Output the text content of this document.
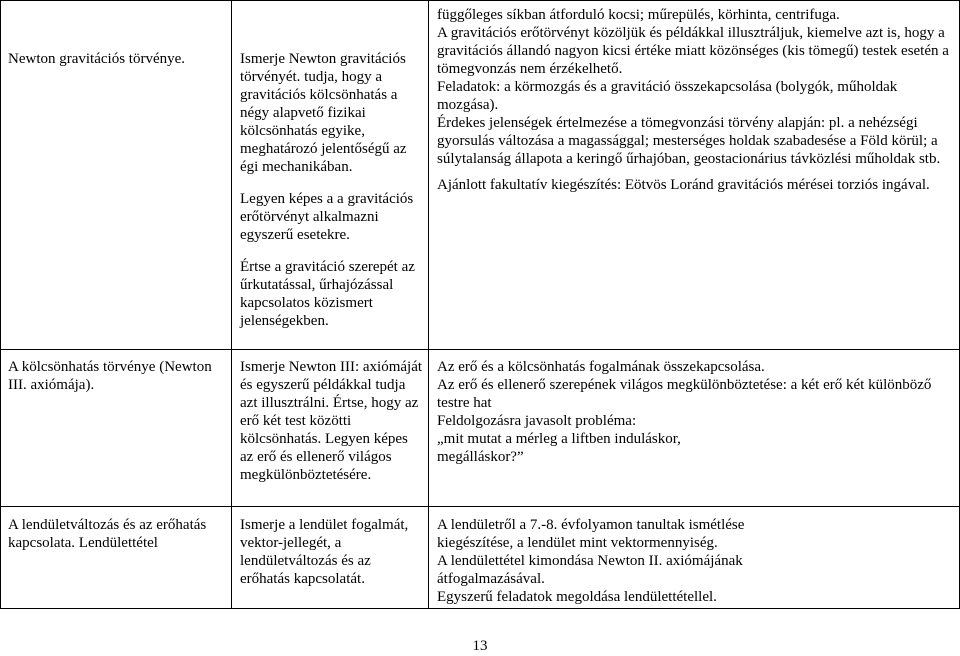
Newton gravitációs törvénye.	Ismerje Newton gravitációs törvényét. tudja, hogy a gravitációs kölcsönhatás a négy alapvető fizikai kölcsönhatás egyike, meghatározó jelentőségű az égi mechanikában.

Legyen képes a a gravitációs erőtörvényt alkalmazni egyszerű esetekre.

Értse a gravitáció szerepét az űrkutatással, űrhajózással kapcsolatos közismert jelenségekben.

függőleges síkban átforduló kocsi; műrepülés, körhinta, centrifuga.

A gravitációs erőtörvényt közöljük és példákkal illusztráljuk, kiemelve azt is, hogy a gravitációs állandó nagyon kicsi értéke miatt közönséges (kis tömegű) testek esetén a tömegvonzás nem érzékelhető.

Feladatok: a körmozgás és a gravitáció összekapcsolása (bolygók, műholdak mozgása).

Érdekes jelenségek értelmezése a tömegvonzási törvény alapján: pl. a nehézségi gyorsulás változása a magassággal; mesterséges holdak szabadesése a Föld körül; a súlytalanság állapota a keringő űrhajóban, geostacionárius távközlési műholdak stb.

Ajánlott fakultatív kiegészítés: Eötvös Loránd gravitációs mérései torziós ingával.

A kölcsönhatás törvénye (Newton III. axiómája).

Ismerje Newton III: axiómáját és egyszerű példákkal tudja azt illusztrálni. Értse, hogy az erő két test közötti kölcsönhatás. Legyen képes az erő és ellenerő világos megkülönböztetésére.

Az erő és a kölcsönhatás fogalmának összekapcsolása.

Az erő és ellenerő szerepének világos megkülönböztetése: a két erő két különböző testre hat

Feldolgozásra javasolt probléma:

„mit mutat a mérleg a liftben induláskor, megálláskor?”

A lendületváltozás és az erőhatás kapcsolata. Lendülettétel

Ismerje a lendület fogalmát, vektor-jellegét, a lendületváltozás és az erőhatás kapcsolatát.

A lendületről a 7.-8. évfolyamon tanultak ismétlése kiegészítése, a lendület mint vektormennyiség.

A lendülettétel kimondása Newton II. axiómájának átfogalmazásával.

Egyszerű feladatok megoldása lendülettétellel.

13
